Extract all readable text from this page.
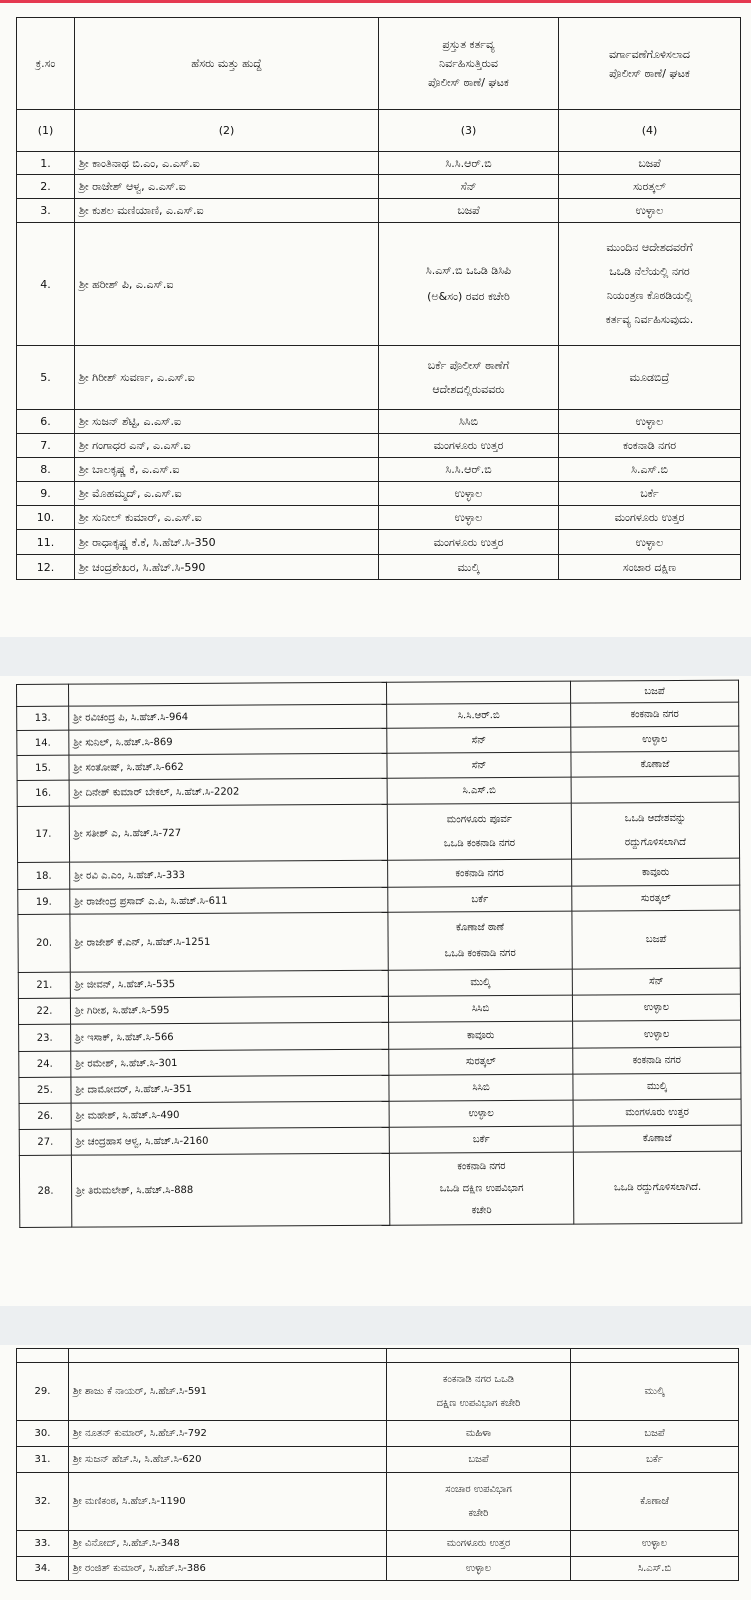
ಕ್ರ.ಸಂ	ಹೆಸರು ಮತ್ತು ಹುದ್ದೆ	ಪ್ರಸ್ತುತ ಕರ್ತವ್ಯ
ನಿರ್ವಹಿಸುತ್ತಿರುವ
ಪೊಲೀಸ್ ಠಾಣೆ/ ಘಟಕ	ವರ್ಗಾವಣೆಗೊಳಿಸಲಾದ
ಪೊಲೀಸ್ ಠಾಣೆ/ ಘಟಕ
(1)	(2)	(3)	(4)
1.	ಶ್ರೀ ಕಾಂತಿನಾಥ ಬಿ.ಎಂ, ಎ.ಎಸ್.ಐ	ಸಿ.ಸಿ.ಆರ್.ಬಿ	ಬಜಪೆ
2.	ಶ್ರೀ ರಾಜೇಶ್ ಆಳ್ವ, ಎ.ಎಸ್.ಐ	ಸೆನ್	ಸುರತ್ಕಲ್
3.	ಶ್ರೀ ಕುಶಲ ಮಣಿಯಾಣಿ, ಎ.ಎಸ್.ಐ	ಬಜಪೆ	ಉಳ್ಳಾಲ
4.	ಶ್ರೀ ಹರೀಶ್ ಪಿ, ಎ.ಎಸ್.ಐ	ಸಿ.ಎಸ್.ಬಿ ಒಒಡಿ ಡಿಸಿಪಿ
(ಅ&ಸಂ) ರವರ ಕಚೇರಿ	ಮುಂದಿನ ಆದೇಶದವರೆಗೆ
ಒಒಡಿ ನೆಲೆಯಲ್ಲಿ ನಗರ
ನಿಯಂತ್ರಣ ಕೊಠಡಿಯಲ್ಲಿ
ಕರ್ತವ್ಯ ನಿರ್ವಹಿಸುವುದು.
5.	ಶ್ರೀ ಗಿರೀಶ್ ಸುವರ್ಣ, ಎ.ಎಸ್.ಐ	ಬರ್ಕೆ ಪೊಲೀಸ್ ಠಾಣೆಗೆ
ಆದೇಶದಲ್ಲಿರುವವರು	ಮೂಡಬಿದ್ರೆ
6.	ಶ್ರೀ ಸುಜನ್ ಶೆಟ್ಟಿ, ಎ.ಎಸ್.ಐ	ಸಿಸಿಬಿ	ಉಳ್ಳಾಲ
7.	ಶ್ರೀ ಗಂಗಾಧರ ಎನ್, ಎ.ಎಸ್.ಐ	ಮಂಗಳೂರು ಉತ್ತರ	ಕಂಕನಾಡಿ ನಗರ
8.	ಶ್ರೀ ಬಾಲಕೃಷ್ಣ ಕೆ, ಎ.ಎಸ್.ಐ	ಸಿ.ಸಿ.ಆರ್.ಬಿ	ಸಿ.ಎಸ್.ಬಿ
9.	ಶ್ರೀ ಮೊಹಮ್ಮದ್, ಎ.ಎಸ್.ಐ	ಉಳ್ಳಾಲ	ಬರ್ಕೆ
10.	ಶ್ರೀ ಸುನೀಲ್ ಕುಮಾರ್, ಎ.ಎಸ್.ಐ	ಉಳ್ಳಾಲ	ಮಂಗಳೂರು ಉತ್ತರ
11.	ಶ್ರೀ ರಾಧಾಕೃಷ್ಣ ಕೆ.ಕೆ, ಸಿ.ಹೆಚ್.ಸಿ-350	ಮಂಗಳೂರು ಉತ್ತರ	ಉಳ್ಳಾಲ
12.	ಶ್ರೀ ಚಂದ್ರಶೇಖರ, ಸಿ.ಹೆಚ್.ಸಿ-590	ಮುಲ್ಕಿ	ಸಂಚಾರ ದಕ್ಷಿಣ
			ಬಜಪೆ
13.	ಶ್ರೀ ರವಿಚಂದ್ರ ಪಿ, ಸಿ.ಹೆಚ್.ಸಿ-964	ಸಿ.ಸಿ.ಆರ್.ಬಿ	ಕಂಕನಾಡಿ ನಗರ
14.	ಶ್ರೀ ಸುನಿಲ್, ಸಿ.ಹೆಚ್.ಸಿ-869	ಸೆನ್	ಉಳ್ಳಾಲ
15.	ಶ್ರೀ ಸಂತೋಷ್, ಸಿ.ಹೆಚ್.ಸಿ-662	ಸೆನ್	ಕೊಣಾಜೆ
16.	ಶ್ರೀ ದಿನೇಶ್ ಕುಮಾರ್ ಬೇಕಲ್, ಸಿ.ಹೆಚ್.ಸಿ-2202	ಸಿ.ಎಸ್.ಬಿ	
17.	ಶ್ರೀ ಸತೀಶ್ ಎ, ಸಿ.ಹೆಚ್.ಸಿ-727	ಮಂಗಳೂರು ಪೂರ್ವ
ಒಒಡಿ ಕಂಕನಾಡಿ ನಗರ	ಒಒಡಿ ಆದೇಶವನ್ನು
ರದ್ದುಗೊಳಿಸಲಾಗಿದೆ
18.	ಶ್ರೀ ರವಿ ಎ.ಎಂ, ಸಿ.ಹೆಚ್.ಸಿ-333	ಕಂಕನಾಡಿ ನಗರ	ಕಾವೂರು
19.	ಶ್ರೀ ರಾಜೇಂದ್ರ ಪ್ರಸಾದ್ ಎ.ಪಿ, ಸಿ.ಹೆಚ್.ಸಿ-611	ಬರ್ಕೆ	ಸುರತ್ಕಲ್
20.	ಶ್ರೀ ರಾಜೇಶ್ ಕೆ.ಎನ್, ಸಿ.ಹೆಚ್.ಸಿ-1251	ಕೊಣಾಜೆ ಠಾಣೆ
ಒಒಡಿ ಕಂಕನಾಡಿ ನಗರ	ಬಜಪೆ
21.	ಶ್ರೀ ಜೀವನ್, ಸಿ.ಹೆಚ್.ಸಿ-535	ಮುಲ್ಕಿ	ಸೆನ್
22.	ಶ್ರೀ ಗಿರೀಶ, ಸಿ.ಹೆಚ್.ಸಿ-595	ಸಿಸಿಬಿ	ಉಳ್ಳಾಲ
23.	ಶ್ರೀ ಇಸಾಕ್, ಸಿ.ಹೆಚ್.ಸಿ-566	ಕಾವೂರು	ಉಳ್ಳಾಲ
24.	ಶ್ರೀ ರಮೇಶ್, ಸಿ.ಹೆಚ್.ಸಿ-301	ಸುರತ್ಕಲ್	ಕಂಕನಾಡಿ ನಗರ
25.	ಶ್ರೀ ದಾಮೋದರ್, ಸಿ.ಹೆಚ್.ಸಿ-351	ಸಿಸಿಬಿ	ಮುಲ್ಕಿ
26.	ಶ್ರೀ ಮಹೇಶ್, ಸಿ.ಹೆಚ್.ಸಿ-490	ಉಳ್ಳಾಲ	ಮಂಗಳೂರು ಉತ್ತರ
27.	ಶ್ರೀ ಚಂದ್ರಹಾಸ ಆಳ್ವ, ಸಿ.ಹೆಚ್.ಸಿ-2160	ಬರ್ಕೆ	ಕೊಣಾಜೆ
28.	ಶ್ರೀ ತಿರುಮಲೇಶ್, ಸಿ.ಹೆಚ್.ಸಿ-888	ಕಂಕನಾಡಿ ನಗರ
ಒಒಡಿ ದಕ್ಷಿಣ ಉಪವಿಭಾಗ
ಕಚೇರಿ	ಒಒಡಿ ರದ್ದುಗೊಳಿಸಲಾಗಿದೆ.

29.	ಶ್ರೀ ಶಾಜು ಕೆ ನಾಯರ್, ಸಿ.ಹೆಚ್.ಸಿ-591	ಕಂಕನಾಡಿ ನಗರ ಒಒಡಿ
ದಕ್ಷಿಣ ಉಪವಿಭಾಗ ಕಚೇರಿ	ಮುಲ್ಕಿ
30.	ಶ್ರೀ ನೂತನ್ ಕುಮಾರ್, ಸಿ.ಹೆಚ್.ಸಿ-792	ಮಹಿಳಾ	ಬಜಪೆ
31.	ಶ್ರೀ ಸುಜನ್ ಹೆಚ್.ಸಿ, ಸಿ.ಹೆಚ್.ಸಿ-620	ಬಜಪೆ	ಬರ್ಕೆ
32.	ಶ್ರೀ ಮಣಿಕಂಠ, ಸಿ.ಹೆಚ್.ಸಿ-1190	ಸಂಚಾರ ಉಪವಿಭಾಗ
ಕಚೇರಿ	ಕೊಣಾಜೆ
33.	ಶ್ರೀ ವಿನೋದ್, ಸಿ.ಹೆಚ್.ಸಿ-348	ಮಂಗಳೂರು ಉತ್ತರ	ಉಳ್ಳಾಲ
34.	ಶ್ರೀ ರಂಜಿತ್ ಕುಮಾರ್, ಸಿ.ಹೆಚ್.ಸಿ-386	ಉಳ್ಳಾಲ	ಸಿ.ಎಸ್.ಬಿ
